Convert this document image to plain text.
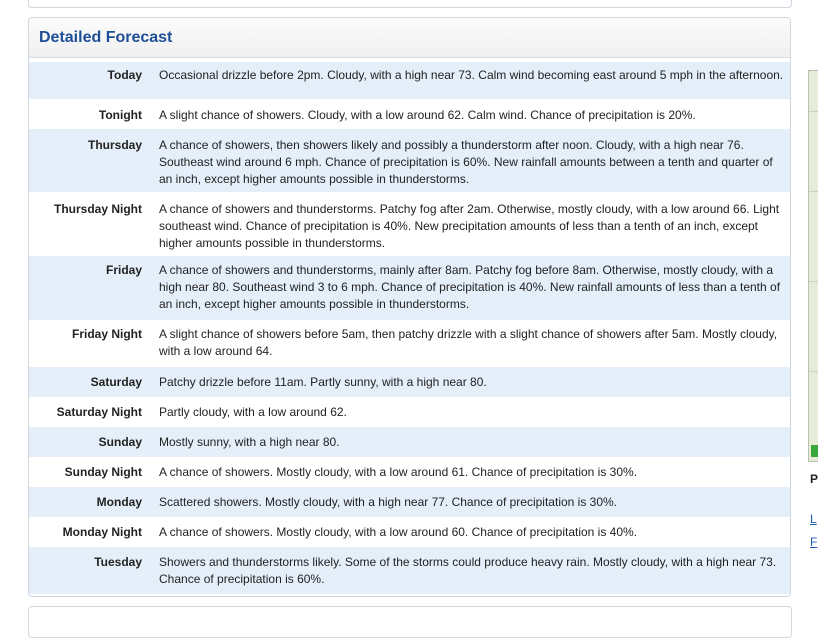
Detailed Forecast
Today Occasional drizzle before 2pm. Cloudy, with a high near 73. Calm wind becoming east around 5 mph in the afternoon.
Tonight A slight chance of showers. Cloudy, with a low around 62. Calm wind. Chance of precipitation is 20%.
Thursday A chance of showers, then showers likely and possibly a thunderstorm after noon. Cloudy, with a high near 76. Southeast wind around 6 mph. Chance of precipitation is 60%. New rainfall amounts between a tenth and quarter of an inch, except higher amounts possible in thunderstorms.
Thursday Night A chance of showers and thunderstorms. Patchy fog after 2am. Otherwise, mostly cloudy, with a low around 66. Light southeast wind. Chance of precipitation is 40%. New precipitation amounts of less than a tenth of an inch, except higher amounts possible in thunderstorms.
Friday A chance of showers and thunderstorms, mainly after 8am. Patchy fog before 8am. Otherwise, mostly cloudy, with a high near 80. Southeast wind 3 to 6 mph. Chance of precipitation is 40%. New rainfall amounts of less than a tenth of an inch, except higher amounts possible in thunderstorms.
Friday Night A slight chance of showers before 5am, then patchy drizzle with a slight chance of showers after 5am. Mostly cloudy, with a low around 64.
Saturday Patchy drizzle before 11am. Partly sunny, with a high near 80.
Saturday Night Partly cloudy, with a low around 62.
Sunday Mostly sunny, with a high near 80.
Sunday Night A chance of showers. Mostly cloudy, with a low around 61. Chance of precipitation is 30%.
Monday Scattered showers. Mostly cloudy, with a high near 77. Chance of precipitation is 30%.
Monday Night A chance of showers. Mostly cloudy, with a low around 60. Chance of precipitation is 40%.
Tuesday Showers and thunderstorms likely. Some of the storms could produce heavy rain. Mostly cloudy, with a high near 73. Chance of precipitation is 60%.
P
L
F
